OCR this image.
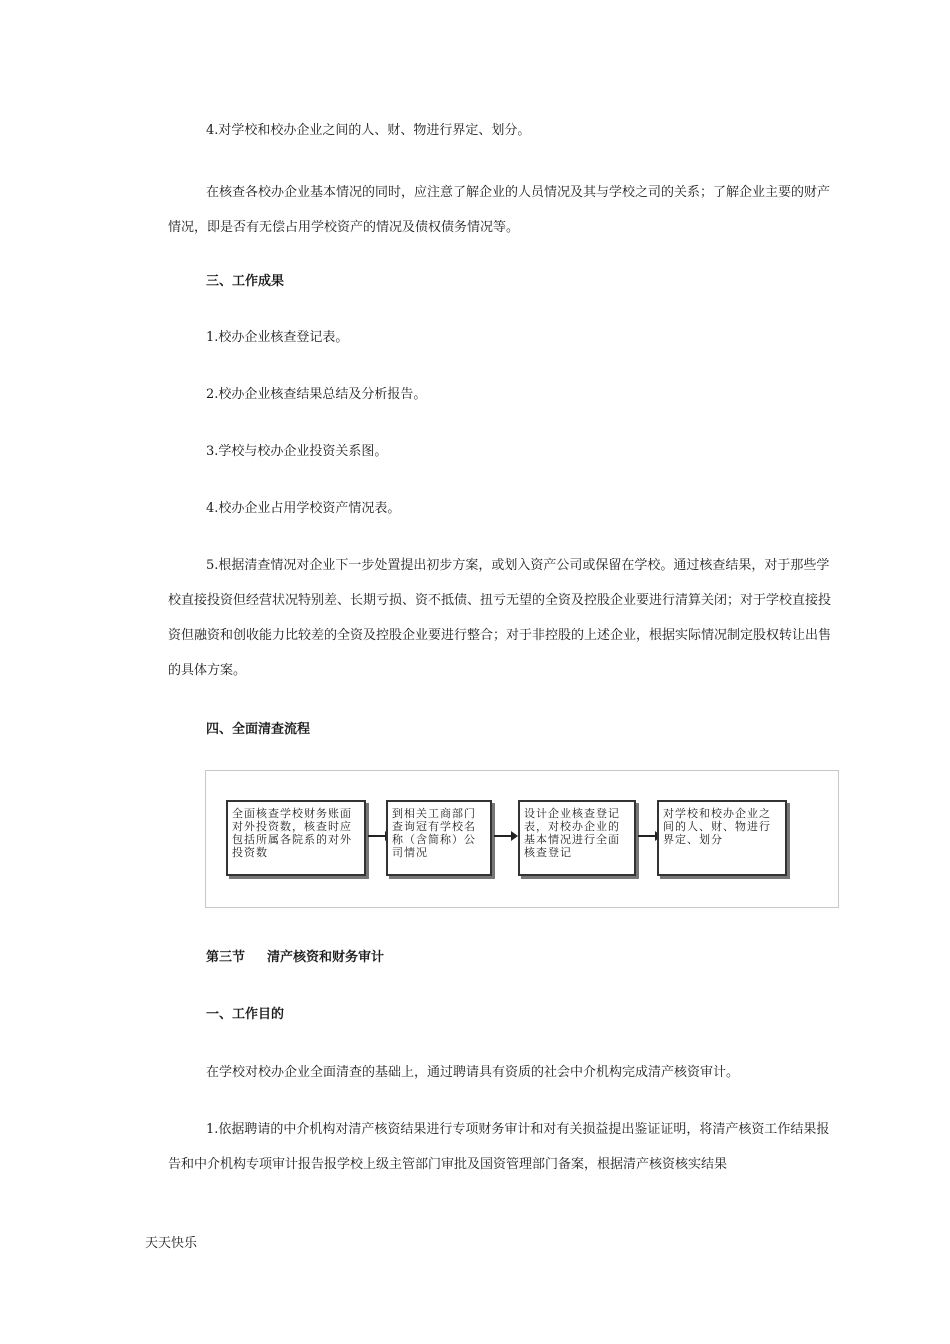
4.对学校和校办企业之间的人、财、物进行界定、划分。

在核查各校办企业基本情况的同时，应注意了解企业的人员情况及其与学校之司的关系；了解企业主要的财产情况，即是否有无偿占用学校资产的情况及债权债务情况等。

三、工作成果

1.校办企业核查登记表。

2.校办企业核查结果总结及分析报告。

3.学校与校办企业投资关系图。

4.校办企业占用学校资产情况表。

5.根据清查情况对企业下一步处置提出初步方案，或划入资产公司或保留在学校。通过核查结果，对于那些学校直接投资但经营状况特别差、长期亏损、资不抵债、扭亏无望的全资及控股企业要进行清算关闭；对于学校直接投资但融资和创收能力比较差的全资及控股企业要进行整合；对于非控股的上述企业，根据实际情况制定股权转让出售的具体方案。

四、全面清查流程

全面核查学校财务账面对外投资数，核查时应包括所属各院系的对外投资数
到相关工商部门查询冠有学校名称（含简称）公司情况
设计企业核查登记表，对校办企业的基本情况进行全面核查登记
对学校和校办企业之间的人、财、物进行界定、划分

第三节 清产核资和财务审计

一、工作目的

在学校对校办企业全面清查的基础上，通过聘请具有资质的社会中介机构完成清产核资审计。

1.依据聘请的中介机构对清产核资结果进行专项财务审计和对有关损益提出鉴证证明，将清产核资工作结果报告和中介机构专项审计报告报学校上级主管部门审批及国资管理部门备案，根据清产核资核实结果

天天快乐
